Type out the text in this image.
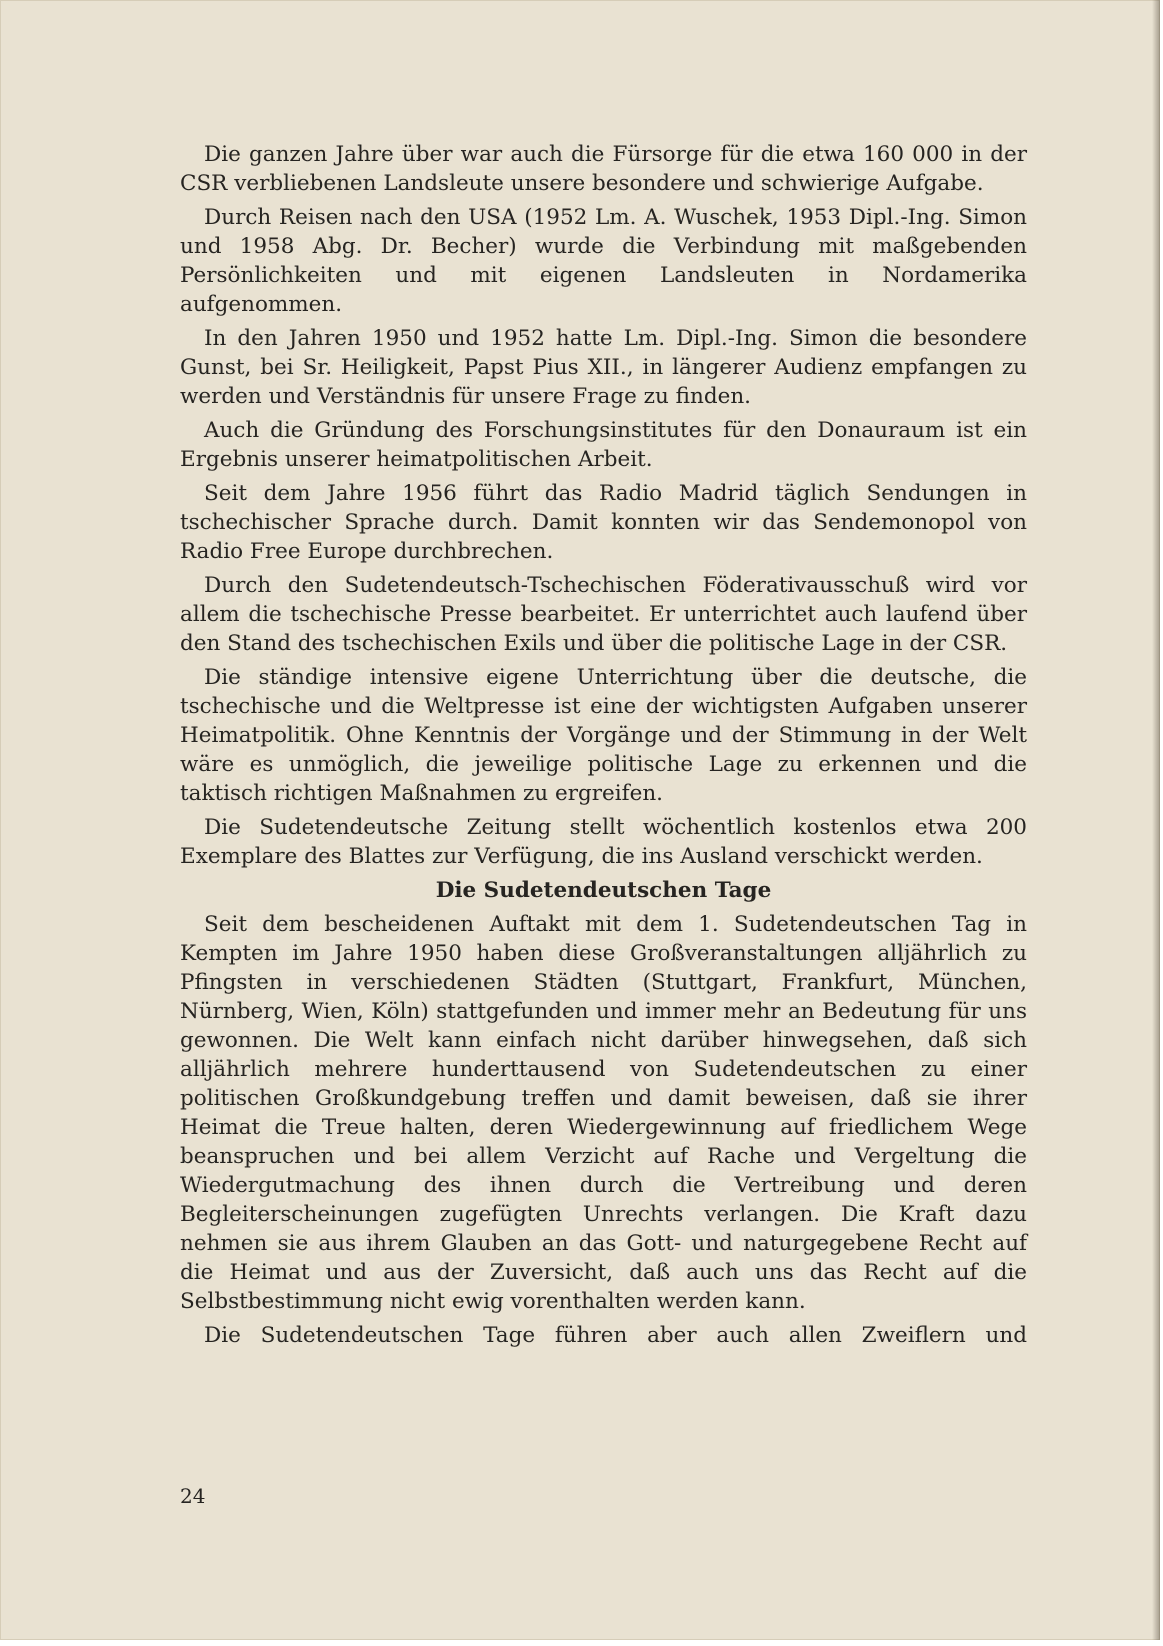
Die ganzen Jahre über war auch die Fürsorge für die etwa 160 000 in der CSR verbliebenen Landsleute unsere besondere und schwierige Aufgabe.

Durch Reisen nach den USA (1952 Lm. A. Wuschek, 1953 Dipl.-Ing. Simon und 1958 Abg. Dr. Becher) wurde die Verbindung mit maßgebenden Persönlichkeiten und mit eigenen Landsleuten in Nordamerika aufgenommen.

In den Jahren 1950 und 1952 hatte Lm. Dipl.-Ing. Simon die besondere Gunst, bei Sr. Heiligkeit, Papst Pius XII., in längerer Audienz empfangen zu werden und Verständnis für unsere Frage zu finden.

Auch die Gründung des Forschungsinstitutes für den Donauraum ist ein Ergebnis unserer heimatpolitischen Arbeit.

Seit dem Jahre 1956 führt das Radio Madrid täglich Sendungen in tschechischer Sprache durch. Damit konnten wir das Sendemonopol von Radio Free Europe durchbrechen.

Durch den Sudetendeutsch-Tschechischen Föderativausschuß wird vor allem die tschechische Presse bearbeitet. Er unterrichtet auch laufend über den Stand des tschechischen Exils und über die politische Lage in der CSR.

Die ständige intensive eigene Unterrichtung über die deutsche, die tschechische und die Weltpresse ist eine der wichtigsten Aufgaben unserer Heimatpolitik. Ohne Kenntnis der Vorgänge und der Stimmung in der Welt wäre es unmöglich, die jeweilige politische Lage zu erkennen und die taktisch richtigen Maßnahmen zu ergreifen.

Die Sudetendeutsche Zeitung stellt wöchentlich kostenlos etwa 200 Exemplare des Blattes zur Verfügung, die ins Ausland verschickt werden.

Die Sudetendeutschen Tage

Seit dem bescheidenen Auftakt mit dem 1. Sudetendeutschen Tag in Kempten im Jahre 1950 haben diese Großveranstaltungen alljährlich zu Pfingsten in verschiedenen Städten (Stuttgart, Frankfurt, München, Nürnberg, Wien, Köln) stattgefunden und immer mehr an Bedeutung für uns gewonnen. Die Welt kann einfach nicht darüber hinwegsehen, daß sich alljährlich mehrere hunderttausend von Sudetendeutschen zu einer politischen Großkundgebung treffen und damit beweisen, daß sie ihrer Heimat die Treue halten, deren Wiedergewinnung auf friedlichem Wege beanspruchen und bei allem Verzicht auf Rache und Vergeltung die Wiedergutmachung des ihnen durch die Vertreibung und deren Begleiterscheinungen zugefügten Unrechts verlangen. Die Kraft dazu nehmen sie aus ihrem Glauben an das Gott- und naturgegebene Recht auf die Heimat und aus der Zuversicht, daß auch uns das Recht auf die Selbstbestimmung nicht ewig vorenthalten werden kann.

Die Sudetendeutschen Tage führen aber auch allen Zweiflern und

24
